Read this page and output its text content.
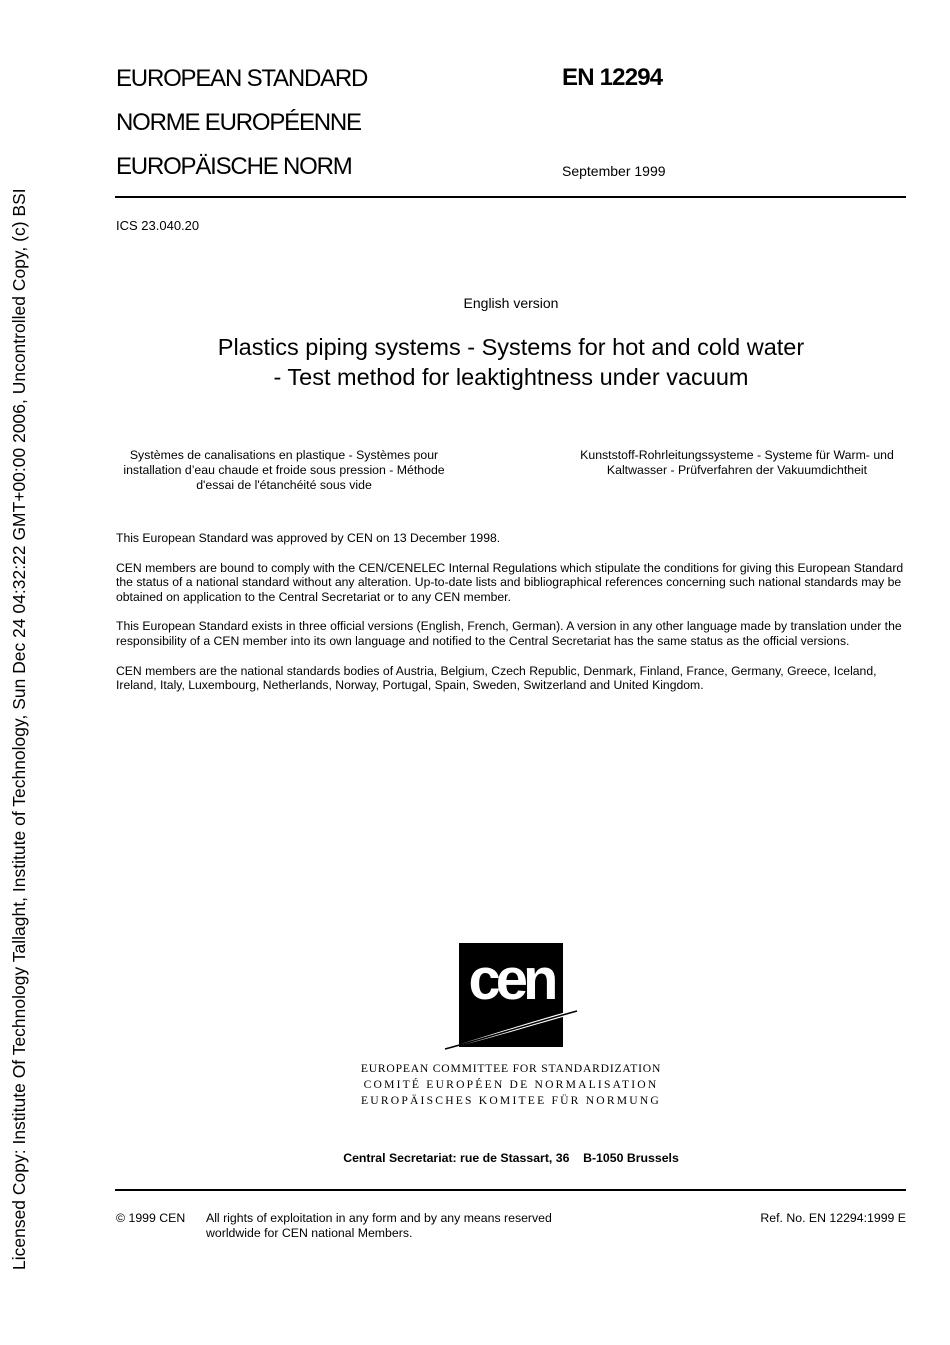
Licensed Copy: Institute Of Technology Tallaght, Institute of Technology, Sun Dec 24 04:32:22 GMT+00:00 2006, Uncontrolled Copy, (c) BSI
EUROPEAN STANDARD
NORME EUROPÉENNE
EUROPÄISCHE NORM
EN 12294
September 1999
ICS 23.040.20
English version
Plastics piping systems - Systems for hot and cold water - Test method for leaktightness under vacuum
Systèmes de canalisations en plastique - Systèmes pour installation d’eau chaude et froide sous pression - Méthode d'essai de l'étanchéité sous vide
Kunststoff-Rohrleitungssysteme - Systeme für Warm- und Kaltwasser - Prüfverfahren der Vakuumdichtheit

This European Standard was approved by CEN on 13 December 1998.

CEN members are bound to comply with the CEN/CENELEC Internal Regulations which stipulate the conditions for giving this European Standard the status of a national standard without any alteration. Up-to-date lists and bibliographical references concerning such national standards may be obtained on application to the Central Secretariat or to any CEN member.

This European Standard exists in three official versions (English, French, German). A version in any other language made by translation under the responsibility of a CEN member into its own language and notified to the Central Secretariat has the same status as the official versions.

CEN members are the national standards bodies of Austria, Belgium, Czech Republic, Denmark, Finland, France, Germany, Greece, Iceland, Ireland, Italy, Luxembourg, Netherlands, Norway, Portugal, Spain, Sweden, Switzerland and United Kingdom.

cen
EUROPEAN COMMITTEE FOR STANDARDIZATION
COMITÉ EUROPÉEN DE NORMALISATION
EUROPÄISCHES KOMITEE FÜR NORMUNG
Central Secretariat: rue de Stassart, 36    B-1050 Brussels
© 1999 CEN All rights of exploitation in any form and by any means reserved worldwide for CEN national Members.
Ref. No. EN 12294:1999 E
